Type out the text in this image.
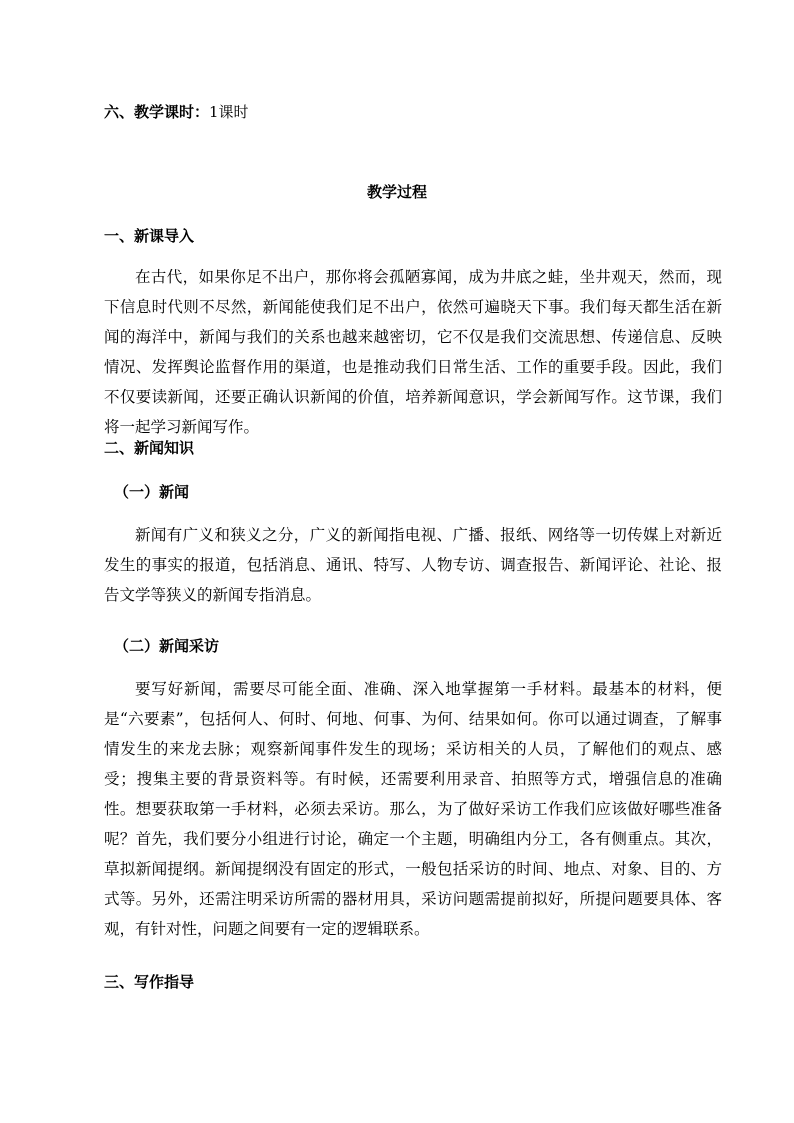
六、教学课时：1课时
教学过程
一、新课导入

在古代，如果你足不出户，那你将会孤陋寡闻，成为井底之蛙，坐井观天，然而，现下信息时代则不尽然，新闻能使我们足不出户，依然可遍晓天下事。我们每天都生活在新闻的海洋中，新闻与我们的关系也越来越密切，它不仅是我们交流思想、传递信息、反映情况、发挥舆论监督作用的渠道，也是推动我们日常生活、工作的重要手段。因此，我们不仅要读新闻，还要正确认识新闻的价值，培养新闻意识，学会新闻写作。这节课，我们将一起学习新闻写作。

二、新闻知识
（一）新闻

新闻有广义和狭义之分，广义的新闻指电视、广播、报纸、网络等一切传媒上对新近发生的事实的报道，包括消息、通讯、特写、人物专访、调查报告、新闻评论、社论、报告文学等狭义的新闻专指消息。

（二）新闻采访

要写好新闻，需要尽可能全面、准确、深入地掌握第一手材料。最基本的材料，便是“六要素”，包括何人、何时、何地、何事、为何、结果如何。你可以通过调查，了解事情发生的来龙去脉；观察新闻事件发生的现场；采访相关的人员，了解他们的观点、感受；搜集主要的背景资料等。有时候，还需要利用录音、拍照等方式，增强信息的准确性。想要获取第一手材料，必须去采访。那么，为了做好采访工作我们应该做好哪些准备呢？首先，我们要分小组进行讨论，确定一个主题，明确组内分工，各有侧重点。其次，草拟新闻提纲。新闻提纲没有固定的形式，一般包括采访的时间、地点、对象、目的、方式等。另外，还需注明采访所需的器材用具，采访问题需提前拟好，所提问题要具体、客观，有针对性，问题之间要有一定的逻辑联系。

三、写作指导
